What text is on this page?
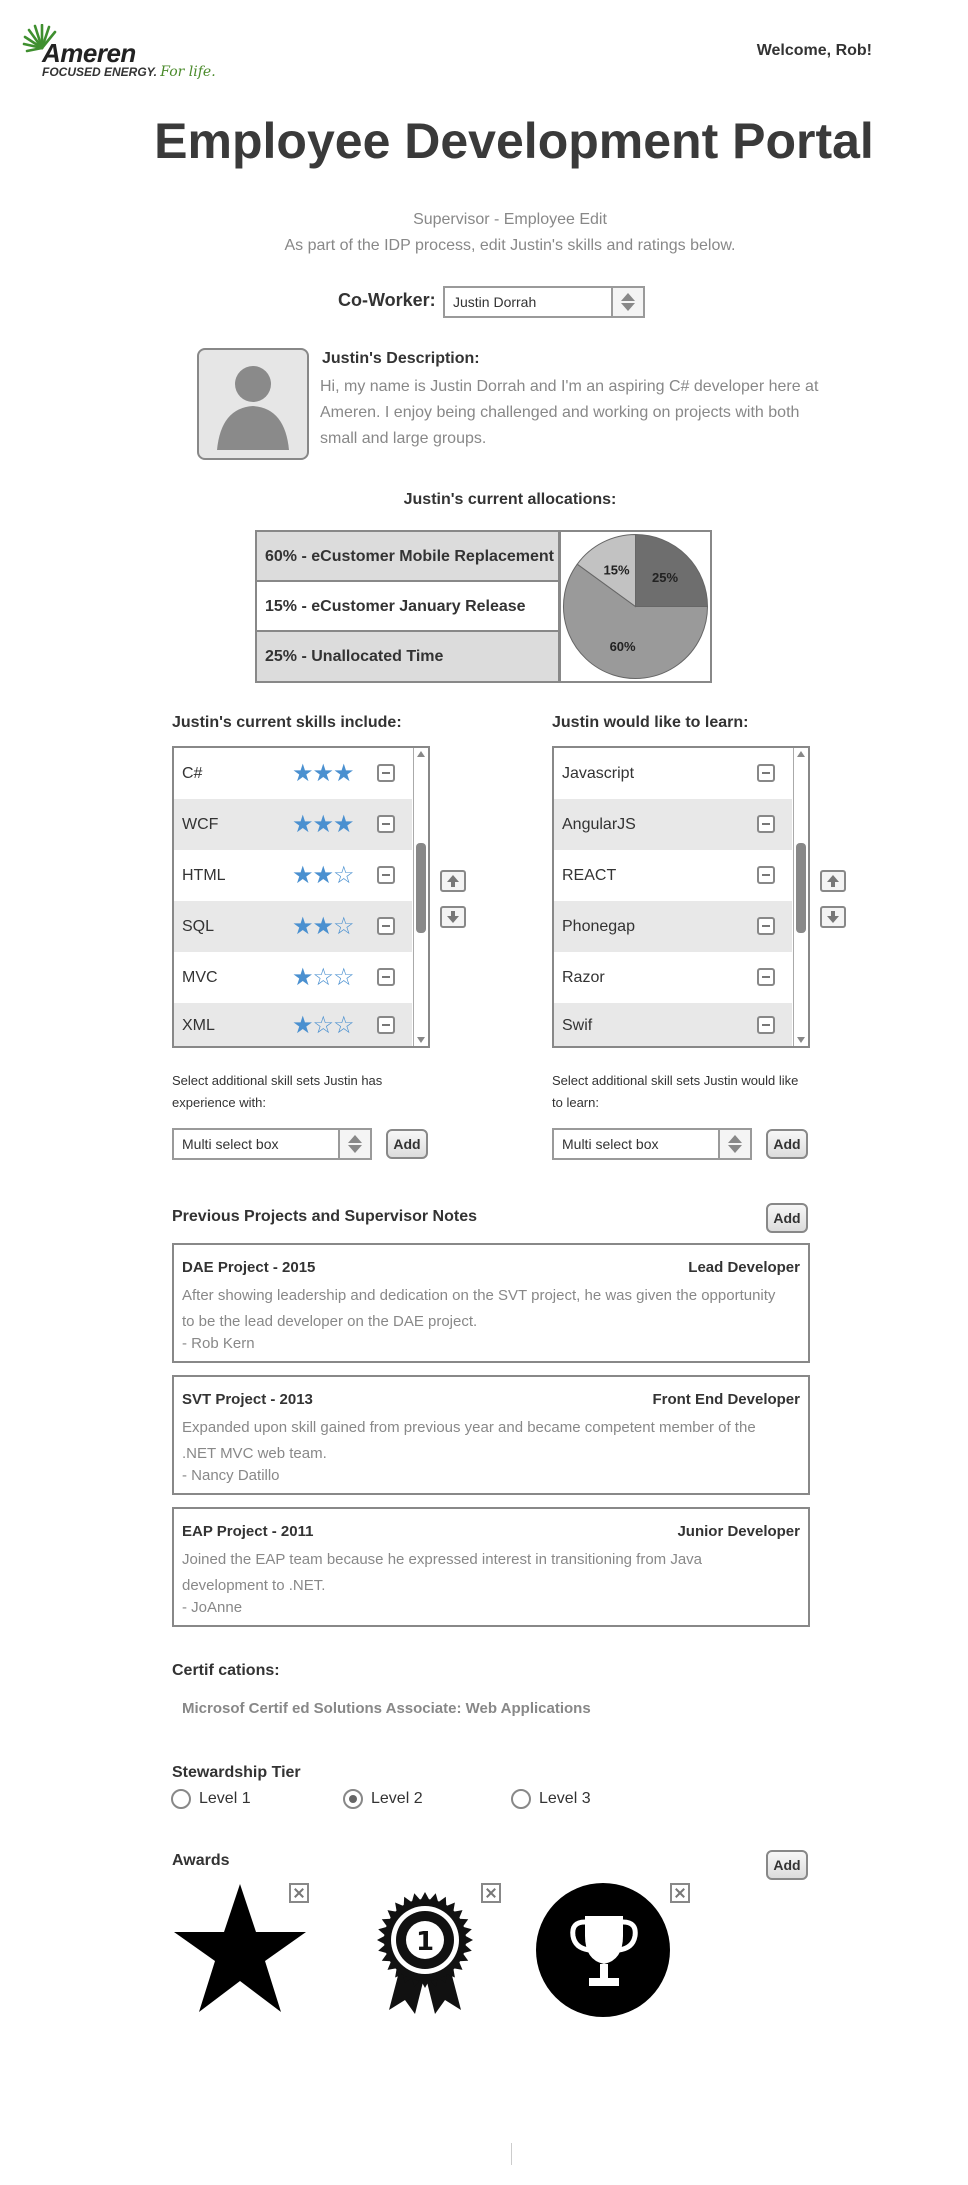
Ameren
FOCUSED ENERGY. For life.
Welcome, Rob!
Employee Development Portal
Supervisor - Employee Edit
As part of the IDP process, edit Justin's skills and ratings below.
Co-Worker: Justin Dorrah
Justin's Description:
Hi, my name is Justin Dorrah and I'm an aspiring C# developer here at Ameren. I enjoy being challenged and working on projects with both small and large groups.
Justin's current allocations:
60% - eCustomer Mobile Replacement
15% - eCustomer January Release
25% - Unallocated Time
25%
60%
15%
Justin's current skills include:
C#	★★★
WCF	★★★
HTML	★★☆
SQL	★★☆
MVC	★☆☆
XML	★☆☆
Select additional skill sets Justin has experience with:
Multi select box	Add
Justin would like to learn:
Javascript
AngularJS
REACT
Phonegap
Razor
Swif
Select additional skill sets Justin would like to learn:
Multi select box	Add
Previous Projects and Supervisor Notes	Add
DAE Project - 2015	Lead Developer
After showing leadership and dedication on the SVT project, he was given the opportunity to be the lead developer on the DAE project.
- Rob Kern
SVT Project - 2013	Front End Developer
Expanded upon skill gained from previous year and became competent member of the .NET MVC web team.
- Nancy Datillo
EAP Project - 2011	Junior Developer
Joined the EAP team because he expressed interest in transitioning from Java development to .NET.
- JoAnne
Certif cations:
Microsof Certif ed Solutions Associate: Web Applications
Stewardship Tier
Level 1	Level 2	Level 3
Awards	Add
1
